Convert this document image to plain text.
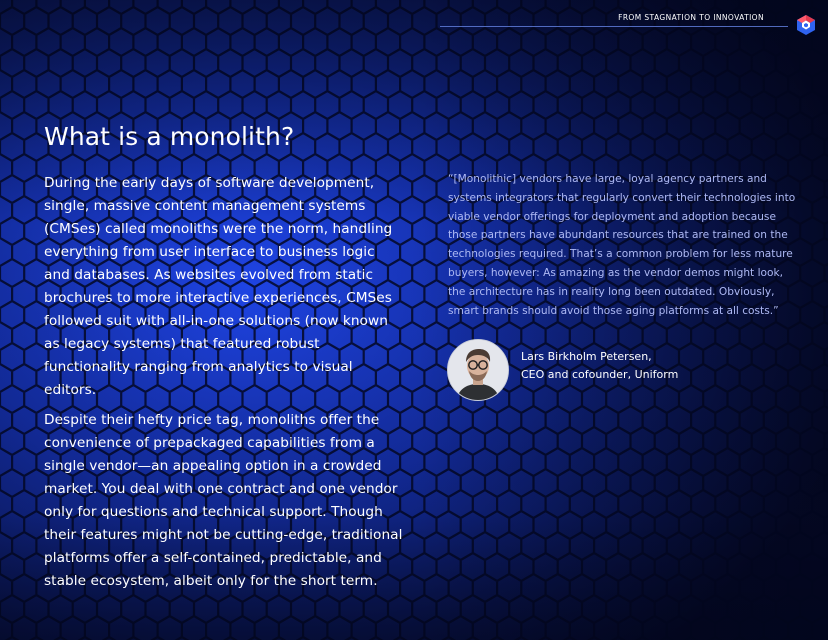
FROM STAGNATION TO INNOVATION
What is a monolith?

During the early days of software development, single, massive content management systems (CMSes) called monoliths were the norm, handling everything from user interface to business logic and databases. As websites evolved from static brochures to more interactive experiences, CMSes followed suit with all-in-one solutions (now known as legacy systems) that featured robust functionality ranging from analytics to visual editors.

Despite their hefty price tag, monoliths offer the convenience of prepackaged capabilities from a single vendor—an appealing option in a crowded market. You deal with one contract and one vendor only for questions and technical support. Though their features might not be cutting-edge, traditional platforms offer a self-contained, predictable, and stable ecosystem, albeit only for the short term.

“[Monolithic] vendors have large, loyal agency partners and systems integrators that regularly convert their technologies into viable vendor offerings for deployment and adoption because those partners have abundant resources that are trained on the technologies required. That’s a common problem for less mature buyers, however: As amazing as the vendor demos might look, the architecture has in reality long been outdated. Obviously, smart brands should avoid those aging platforms at all costs.”

Lars Birkholm Petersen,
CEO and cofounder, Uniform
